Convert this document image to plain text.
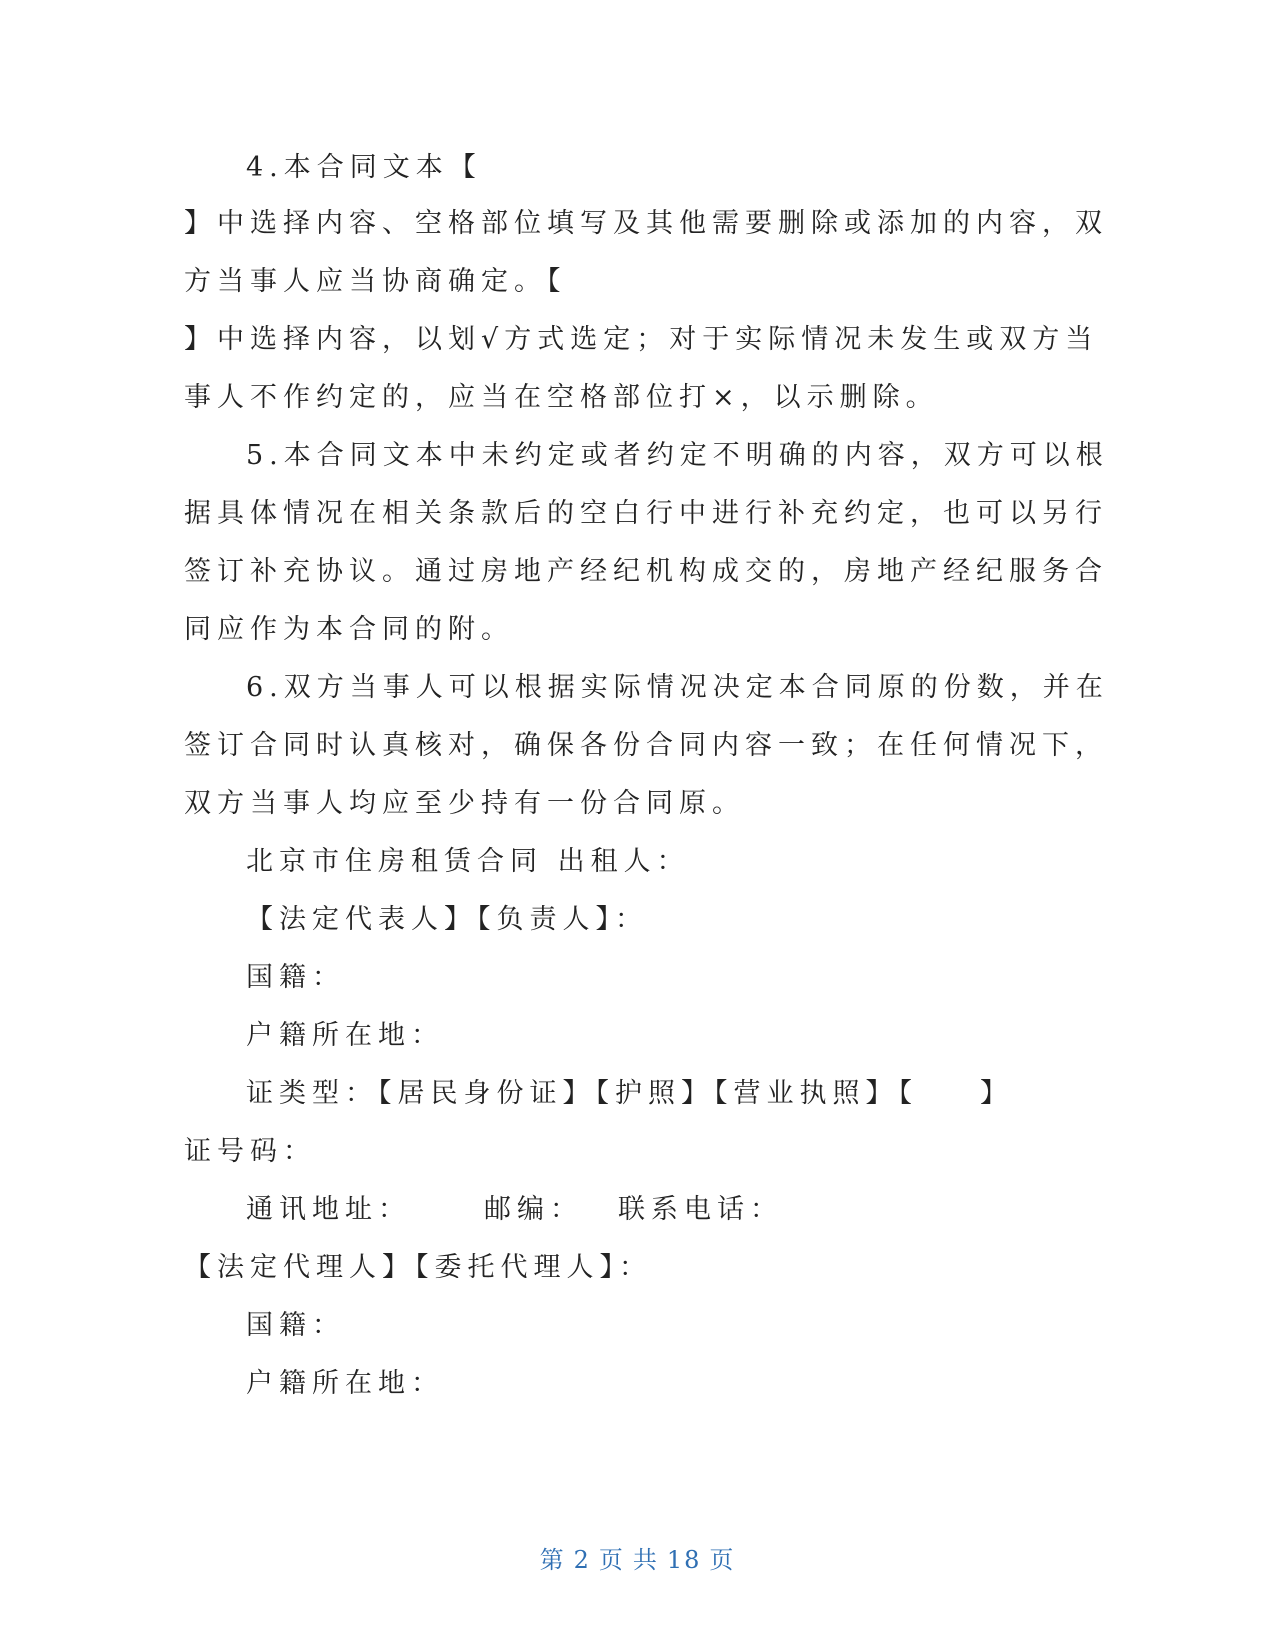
4.本合同文本【
】中选择内容、空格部位填写及其他需要删除或添加的内容，双
方当事人应当协商确定。【
】中选择内容，以划√方式选定；对于实际情况未发生或双方当
事人不作约定的，应当在空格部位打×，以示删除。
5.本合同文本中未约定或者约定不明确的内容，双方可以根
据具体情况在相关条款后的空白行中进行补充约定，也可以另行
签订补充协议。通过房地产经纪机构成交的，房地产经纪服务合
同应作为本合同的附。
6.双方当事人可以根据实际情况决定本合同原的份数，并在
签订合同时认真核对，确保各份合同内容一致；在任何情况下，
双方当事人均应至少持有一份合同原。
北京市住房租赁合同 出租人：
【法定代表人】【负责人】：
国籍：
户籍所在地：
证类型：【居民身份证】【护照】【营业执照】【 】
证号码：
通讯地址：	邮编： 联系电话：
【法定代理人】【委托代理人】：
国籍：
户籍所在地：
第 2 页 共 18 页
